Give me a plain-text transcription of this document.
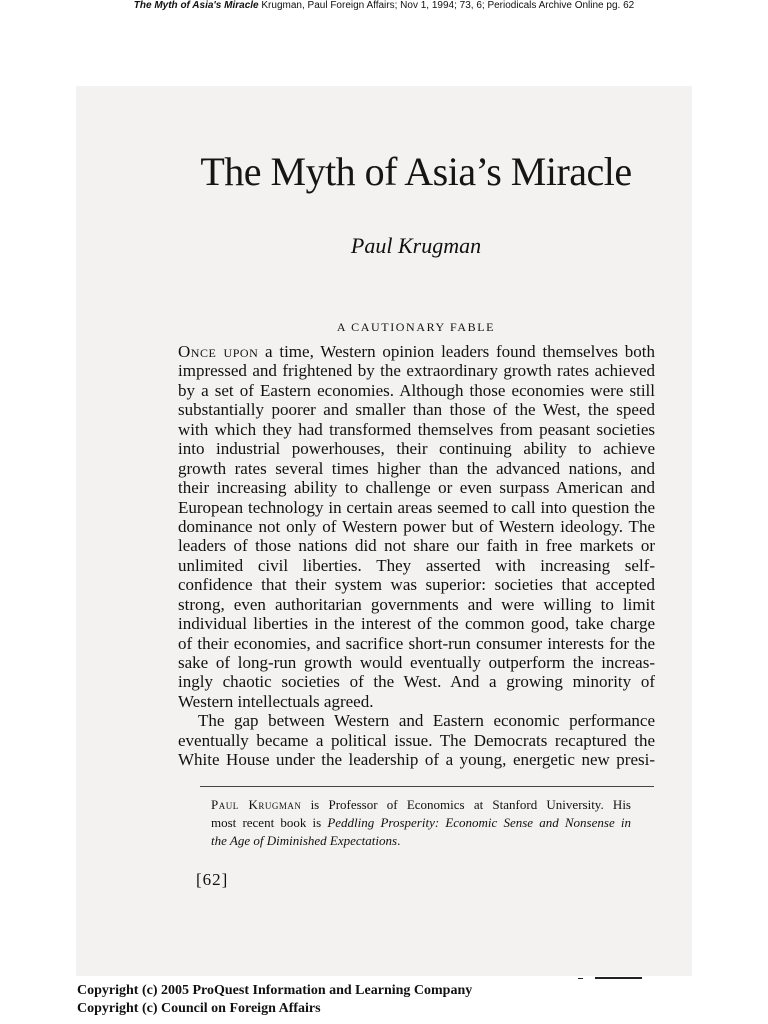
The Myth of Asia's Miracle Krugman, Paul Foreign Affairs; Nov 1, 1994; 73, 6; Periodicals Archive Online pg. 62
The Myth of Asia’s Miracle
Paul Krugman
A CAUTIONARY FABLE
Once upon a time, Western opinion leaders found themselves both
impressed and frightened by the extraordinary growth rates achieved
by a set of Eastern economies. Although those economies were still
substantially poorer and smaller than those of the West, the speed
with which they had transformed themselves from peasant societies
into industrial powerhouses, their continuing ability to achieve
growth rates several times higher than the advanced nations, and
their increasing ability to challenge or even surpass American and
European technology in certain areas seemed to call into question the
dominance not only of Western power but of Western ideology. The
leaders of those nations did not share our faith in free markets or
unlimited civil liberties. They asserted with increasing self-
confidence that their system was superior: societies that accepted
strong, even authoritarian governments and were willing to limit
individual liberties in the interest of the common good, take charge
of their economies, and sacrifice short-run consumer interests for the
sake of long-run growth would eventually outperform the increas-
ingly chaotic societies of the West. And a growing minority of
Western intellectuals agreed.
The gap between Western and Eastern economic performance
eventually became a political issue. The Democrats recaptured the
White House under the leadership of a young, energetic new presi-
Paul Krugman is Professor of Economics at Stanford University. His
most recent book is Peddling Prosperity: Economic Sense and Nonsense in
the Age of Diminished Expectations.
[62]
Copyright (c) 2005 ProQuest Information and Learning Company
Copyright (c) Council on Foreign Affairs
